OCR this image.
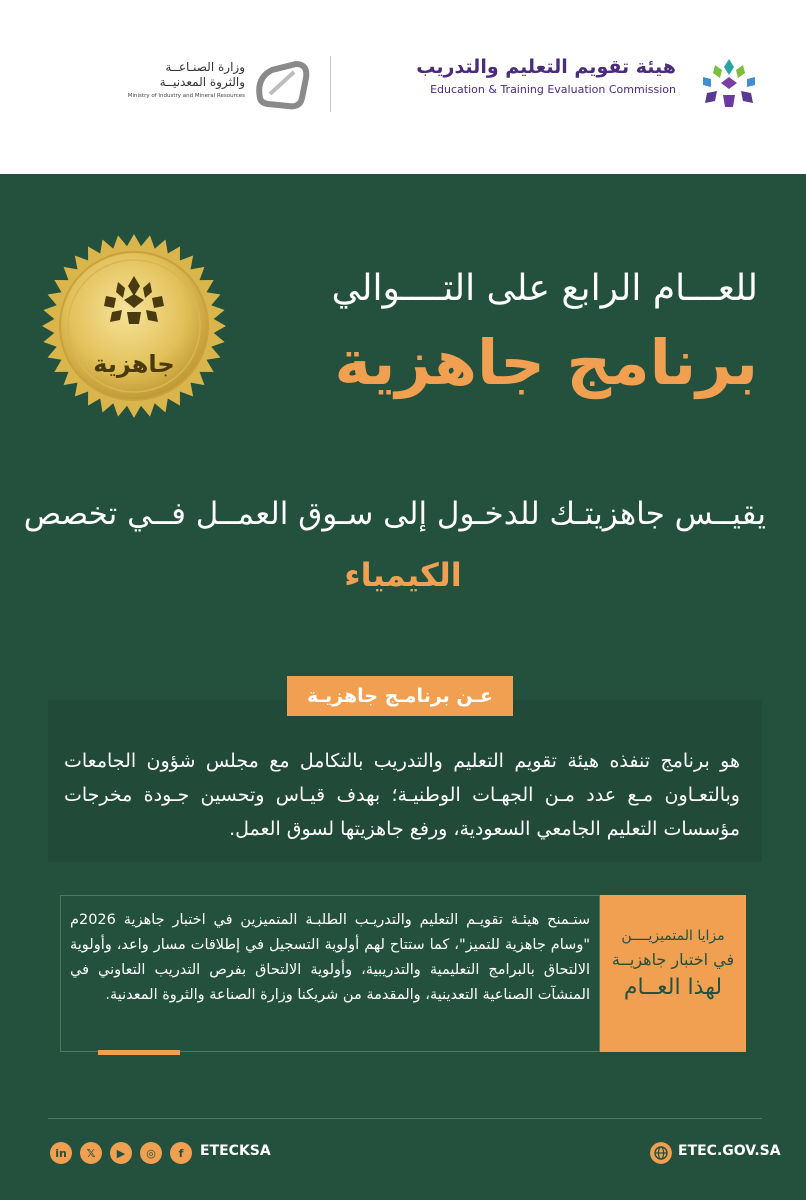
هيئة تقويم التعليم والتدريب
Education & Training Evaluation Commission
وزارة الصنـاعــة
والثروة المعدنيــة
Ministry of Industry and Mineral Resources
جاهزية
للعـــام الرابع على التــــوالي
برنامج جاهزية
يقيــس جاهزيتـك للدخـول إلى سـوق العمــل فــي تخصص
الكيمياء
عـن برنامـج جاهزيـة
هو برنامج تنفذه هيئة تقويم التعليم والتدريب بالتكامل مع مجلس شؤون الجامعات وبالتعـاون مـع عدد مـن الجهـات الوطنيـة؛ بهدف قيـاس وتحسين جـودة مخرجات مؤسسات التعليم الجامعي السعودية، ورفع جاهزيتها لسوق العمل.
ستـمنح هيئـة تقويـم التعليم والتدريـب الطلبـة المتميزين في اختبار جاهزية 2026م "وسام جاهزية للتميز"، كما ستتاح لهم أولوية التسجيل في إطلاقات مسار واعد، وأولوية الالتحاق بالبرامج التعليمية والتدريبية، وأولوية الالتحاق بفرص التدريب التعاوني في المنشآت الصناعية التعدينية، والمقدمة من شريكنا وزارة الصناعة والثروة المعدنية.
مزايا المتميزيــــن
في اختبار جاهزيــة
لهذا العــام
in	𝕏	▶	◎	f	ETECKSA	ETEC.GOV.SA
